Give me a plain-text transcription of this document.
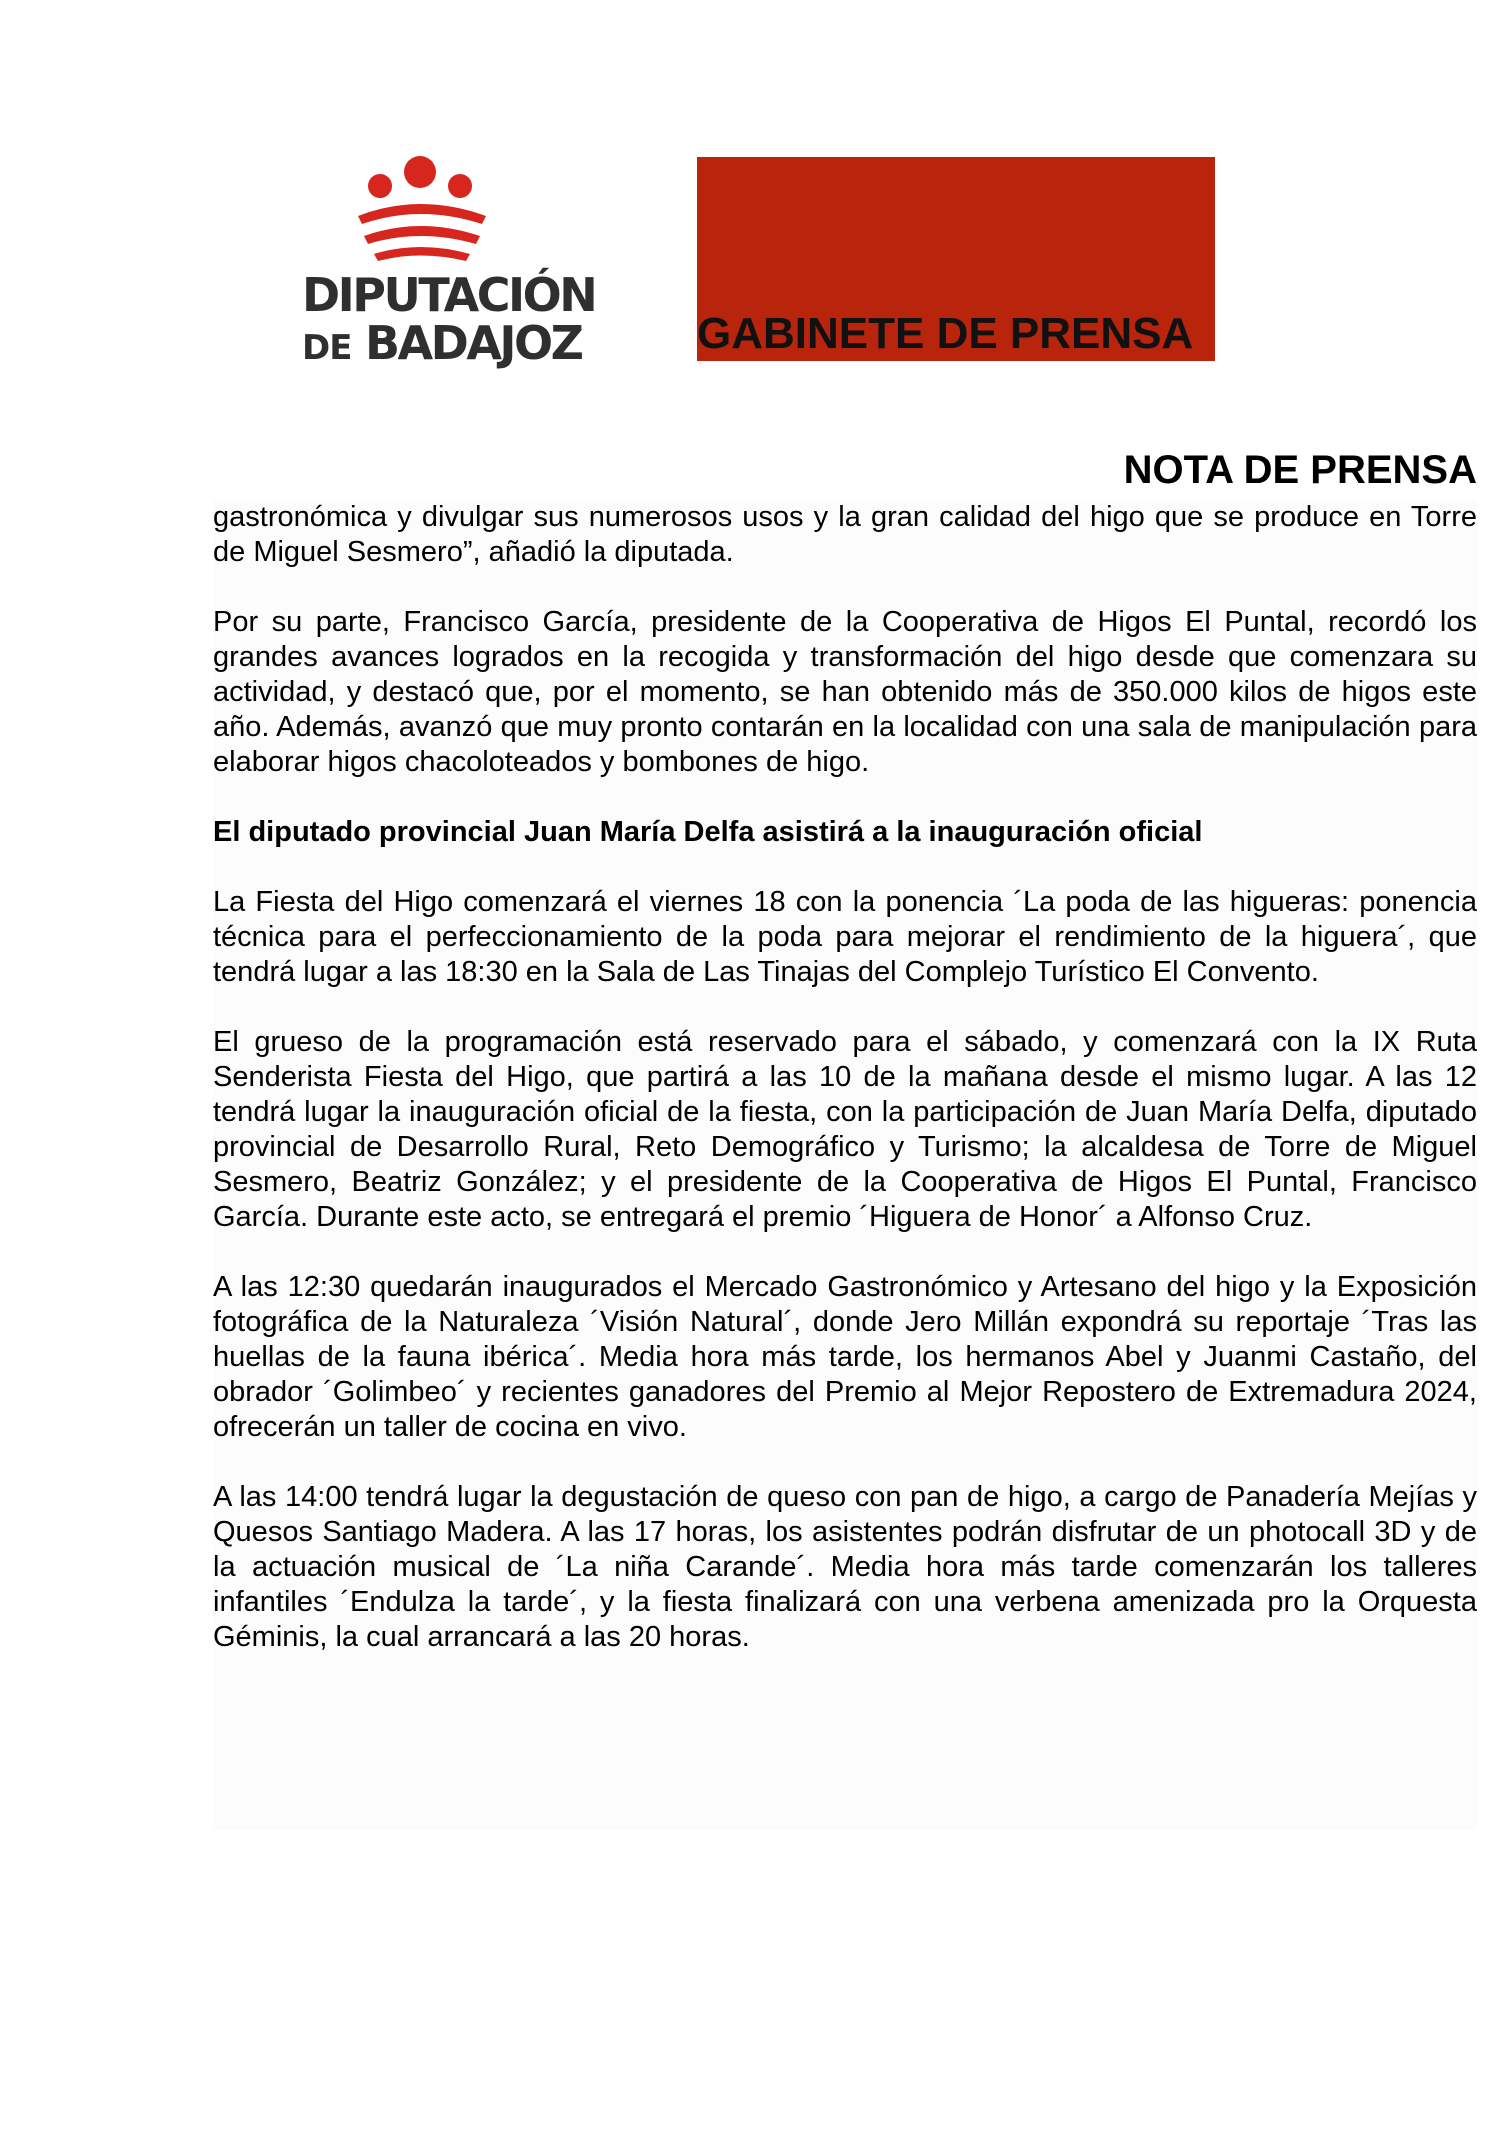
DIPUTACIÓN
DE BADAJOZ	GABINETE DE PRENSA
NOTA DE PRENSA

gastronómica y divulgar sus numerosos usos y la gran calidad del higo que se produce en Torre de Miguel Sesmero”, añadió la diputada.

Por su parte, Francisco García, presidente de la Cooperativa de Higos El Puntal, recordó los grandes avances logrados en la recogida y transformación del higo desde que comenzara su actividad, y destacó que, por el momento, se han obtenido más de 350.000 kilos de higos este año. Además, avanzó que muy pronto contarán en la localidad con una sala de manipulación para elaborar higos chacoloteados y bombones de higo.

El diputado provincial Juan María Delfa asistirá a la inauguración oficial

La Fiesta del Higo comenzará el viernes 18 con la ponencia ´La poda de las higueras: ponencia técnica para el perfeccionamiento de la poda para mejorar el rendimiento de la higuera´, que tendrá lugar a las 18:30 en la Sala de Las Tinajas del Complejo Turístico El Convento.

El grueso de la programación está reservado para el sábado, y comenzará con la IX Ruta Senderista Fiesta del Higo, que partirá a las 10 de la mañana desde el mismo lugar. A las 12 tendrá lugar la inauguración oficial de la fiesta, con la participación de Juan María Delfa, diputado provincial de Desarrollo Rural, Reto Demográfico y Turismo; la alcaldesa de Torre de Miguel Sesmero, Beatriz González; y el presidente de la Cooperativa de Higos El Puntal, Francisco García. Durante este acto, se entregará el premio ´Higuera de Honor´ a Alfonso Cruz.

A las 12:30 quedarán inaugurados el Mercado Gastronómico y Artesano del higo y la Exposición fotográfica de la Naturaleza ´Visión Natural´, donde Jero Millán expondrá su reportaje ´Tras las huellas de la fauna ibérica´. Media hora más tarde, los hermanos Abel y Juanmi Castaño, del obrador ´Golimbeo´ y recientes ganadores del Premio al Mejor Repostero de Extremadura 2024, ofrecerán un taller de cocina en vivo.

A las 14:00 tendrá lugar la degustación de queso con pan de higo, a cargo de Panadería Mejías y Quesos Santiago Madera. A las 17 horas, los asistentes podrán disfrutar de un photocall 3D y de la actuación musical de ´La niña Carande´. Media hora más tarde comenzarán los talleres infantiles ´Endulza la tarde´, y la fiesta finalizará con una verbena amenizada pro la Orquesta Géminis, la cual arrancará a las 20 horas.
